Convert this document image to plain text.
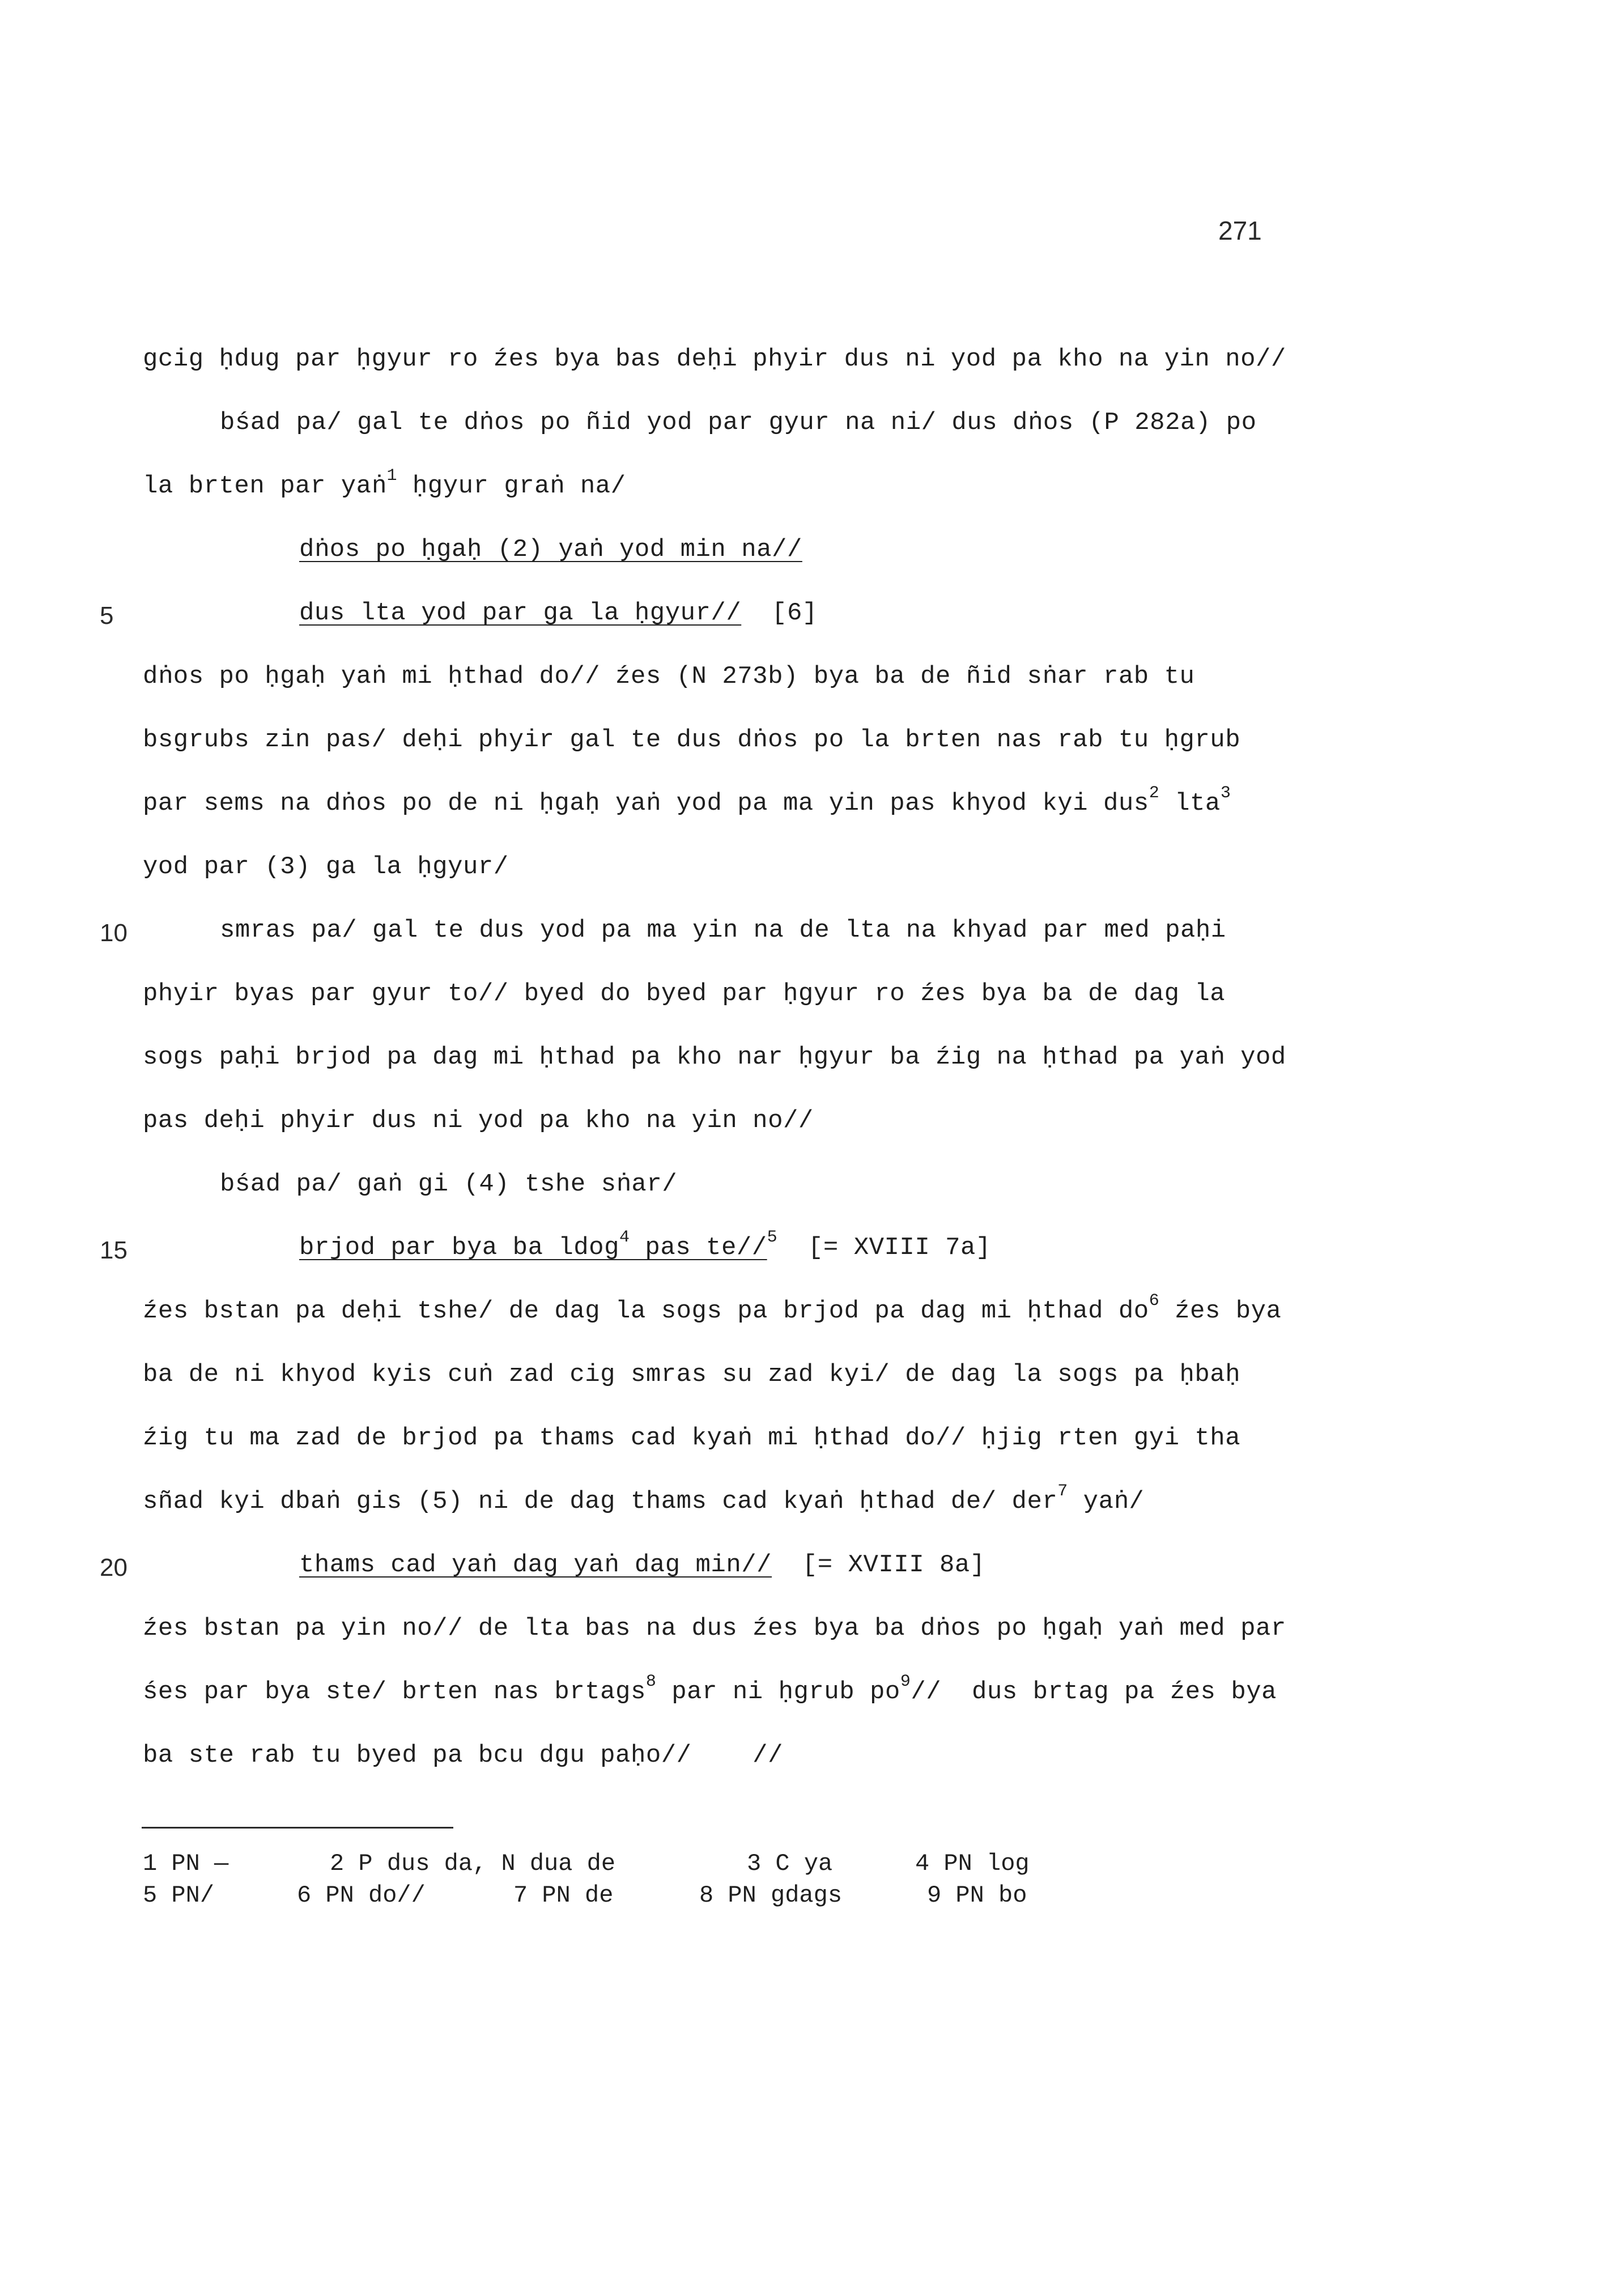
271
gcig ḥdug par ḥgyur ro źes bya bas deḥi phyir dus ni yod pa kho na yin no//
bśad pa/ gal te dṅos po ñid yod par gyur na ni/ dus dṅos (P 282a) po
la brten par yaṅ$^1$ ḥgyur graṅ na/
dṅos po ḥgaḥ (2) yaṅ yod min na//
5	dus lta yod par ga la ḥgyur// [6]
dṅos po ḥgaḥ yaṅ mi ḥthad do// źes (N 273b) bya ba de ñid sṅar rab tu
bsgrubs zin pas/ deḥi phyir gal te dus dṅos po la brten nas rab tu ḥgrub
par sems na dṅos po de ni ḥgaḥ yaṅ yod pa ma yin pas khyod kyi dus$^2$ lta$^3$
yod par (3) ga la ḥgyur/
10	smras pa/ gal te dus yod pa ma yin na de lta na khyad par med paḥi
phyir byas par gyur to// byed do byed par ḥgyur ro źes bya ba de dag la
sogs paḥi brjod pa dag mi ḥthad pa kho nar ḥgyur ba źig na ḥthad pa yaṅ yod
pas deḥi phyir dus ni yod pa kho na yin no//
bśad pa/ gaṅ gi (4) tshe sṅar/
15	brjod par bya ba ldog$^4$ pas te//$^5$ [= XVIII 7a]
źes bstan pa deḥi tshe/ de dag la sogs pa brjod pa dag mi ḥthad $do^6$ źes bya
ba de ni khyod kyis cuṅ zad cig smras su zad kyi/ de dag la sogs pa ḥbaḥ
źig tu ma zad de brjod pa thams cad kyaṅ mi ḥthad do// ḥjig rten gyi tha
sñad kyi dbaṅ gis (5) ni de dag thams cad kyaṅ ḥthad de/ der$^7$ yaṅ/
20	thams cad yaṅ dag yaṅ dag min// [= XVIII 8a]
źes bstan pa yin no// de lta bas na dus źes bya ba dṅos po ḥgaḥ yaṅ med par
śes par bya ste/ brten nas brtags$^8$ par ni ḥgrub $po^9//$  dus brtag pa źes bya
ba ste rab tu byed pa bcu dgu paḥo//    //
1 PN —	2 P dus da, N dua de	3 C ya	4 PN log
5 PN/	6 PN do//	7 PN de	8 PN gdags	9 PN bo
